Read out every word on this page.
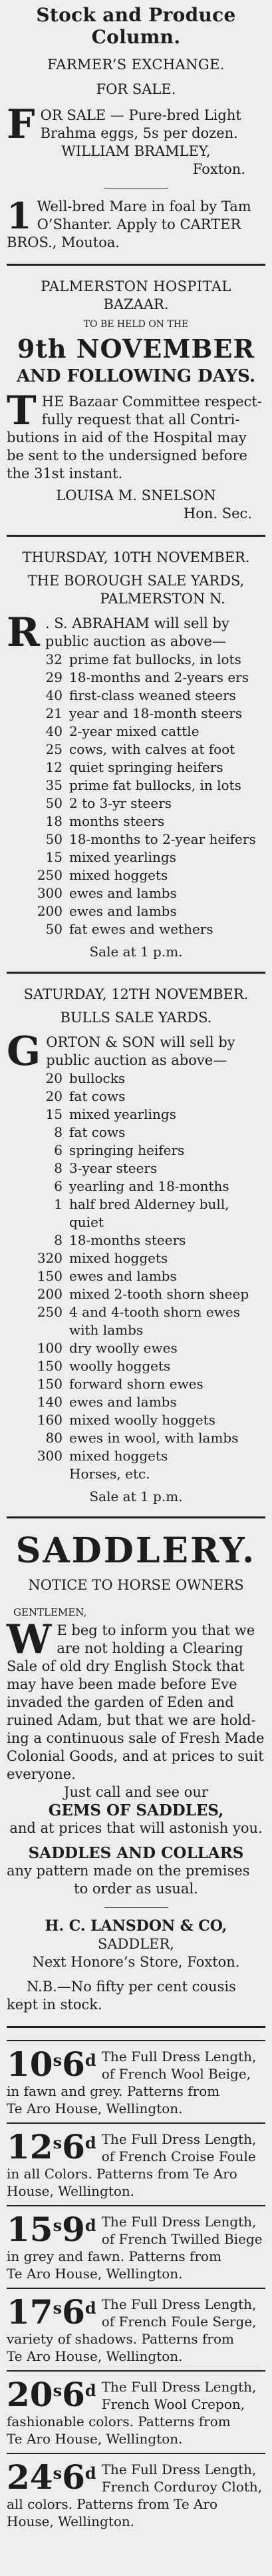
Stock and Produce Column.

FARMER’S EXCHANGE.

FOR SALE.

F OR SALE — Pure-bred Light

Brahma eggs, 5s per dozen.

WILLIAM BRAMLEY,

Foxton.

1 Well-bred Mare in foal by Tam

O’Shanter. Apply to CARTER

BROS., Moutoa.

PALMERSTON HOSPITAL

BAZAAR.

TO BE HELD ON THE

9th NOVEMBER

AND FOLLOWING DAYS.

T HE Bazaar Committee respect-

fully request that all Contri-

butions in aid of the Hospital may

be sent to the undersigned before

the 31st instant.

LOUISA M. SNELSON

Hon. Sec.

THURSDAY, 10TH NOVEMBER.

THE BOROUGH SALE YARDS,

PALMERSTON N.

R . S. ABRAHAM will sell by

public auction as above—

32 prime fat bullocks, in lots
29 18-months and 2-years ers
40 first-class weaned steers
21 year and 18-month steers
40 2-year mixed cattle
25 cows, with calves at foot
12 quiet springing heifers
35 prime fat bullocks, in lots
50 2 to 3-yr steers
18 months steers
50 18-months to 2-year heifers
15 mixed yearlings
250 mixed hoggets
300 ewes and lambs
200 ewes and lambs
50 fat ewes and wethers

Sale at 1 p.m.

SATURDAY, 12TH NOVEMBER.

BULLS SALE YARDS.

G ORTON & SON will sell by

public auction as above—

20 bullocks
20 fat cows
15 mixed yearlings
8 fat cows
6 springing heifers
8 3-year steers
6 yearling and 18-months
1 half bred Alderney bull,
quiet
8 18-months steers
320 mixed hoggets
150 ewes and lambs
200 mixed 2-tooth shorn sheep
250 4 and 4-tooth shorn ewes
with lambs
100 dry woolly ewes
150 woolly hoggets
150 forward shorn ewes
140 ewes and lambs
160 mixed woolly hoggets
80 ewes in wool, with lambs
300 mixed hoggets
Horses, etc.

Sale at 1 p.m.

SADDLERY.

NOTICE TO HORSE OWNERS

GENTLEMEN,

W E beg to inform you that we

are not holding a Clearing

Sale of old dry English Stock that

may have been made before Eve

invaded the garden of Eden and

ruined Adam, but that we are hold-

ing a continuous sale of Fresh Made

Colonial Goods, and at prices to suit

everyone.

Just call and see our

GEMS OF SADDLES,

and at prices that will astonish you.

SADDLES AND COLLARS

any pattern made on the premises

to order as usual.

H. C. LANSDON & CO,

SADDLER,

Next Honore’s Store, Foxton.

N.B.—No fifty per cent cousis

kept in stock.

10$^s$6$^d$ The Full Dress Length,

of French Wool Beige,

in fawn and grey. Patterns from

Te Aro House, Wellington.

12$^s$6$^d$ The Full Dress Length,

of French Croise Foule

in all Colors. Patterns from Te Aro

House, Wellington.

15$^s$9$^d$ The Full Dress Length,

of French Twilled Biege

in grey and fawn. Patterns from

Te Aro House, Wellington.

17$^s$6$^d$ The Full Dress Length,

of French Foule Serge,

variety of shadows. Patterns from

Te Aro House, Wellington.

20$^s$6$^d$ The Full Dress Length,

French Wool Crepon,

fashionable colors. Patterns from

Te Aro House, Wellington.

24$^s$6$^d$ The Full Dress Length,

French Corduroy Cloth,

all colors. Patterns from Te Aro

House, Wellington.
